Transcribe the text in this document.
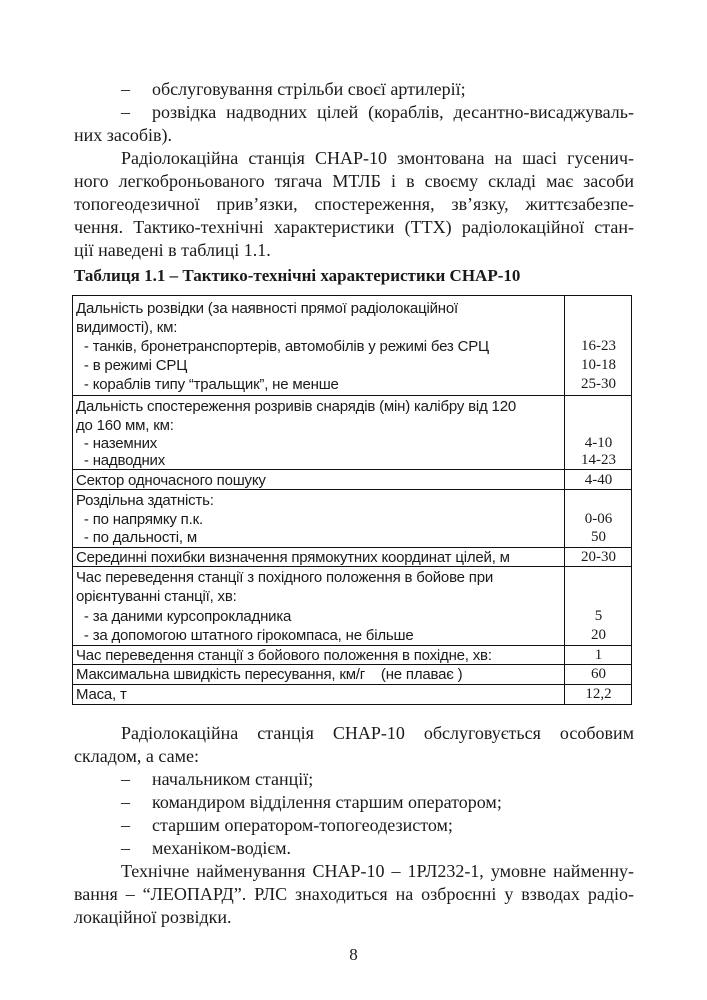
– обслуговування стрільби своєї артилерії;
– розвідка надводних цілей (кораблів, десантно-висаджуваль-
них засобів).
Радіолокаційна станція СНАР-10 змонтована на шасі гусенич-
ного легкоброньованого тягача МТЛБ і в своєму складі має засоби
топогеодезичної прив’язки, спостереження, зв’язку, життєзабезпе-
чення. Тактико-технічні характеристики (ТТХ) радіолокаційної стан-
ції наведені в таблиці 1.1.
Таблиця 1.1 – Тактико-технічні характеристики СНАР-10
Дальність розвідки (за наявності прямої радіолокаційної
видимості), км:
- танків, бронетранспортерів, автомобілів у режимі без СРЦ	16-23
- в режимі СРЦ	10-18
- кораблів типу “тральщик”, не менше	25-30
Дальність спостереження розривів снарядів (мін) калібру від 120
до 160 мм, км:
- наземних	4-10
- надводних	14-23
Сектор одночасного пошуку	4-40
Роздільна здатність:
- по напрямку п.к.	0-06
- по дальності, м	50
Серединні похибки визначення прямокутних координат цілей, м	20-30
Час переведення станції з похідного положення в бойове при
орієнтуванні станції, хв:
- за даними курсопрокладника	5
- за допомогою штатного гірокомпаса, не більше	20
Час переведення станції з бойового положення в похідне, хв:	1
Максимальна швидкість пересування, км/г    (не плаває )	60
Маса, т	12,2
Радіолокаційна станція СНАР-10 обслуговується особовим
складом, а саме:
– начальником станції;
– командиром відділення старшим оператором;
– старшим оператором-топогеодезистом;
– механіком-водієм.
Технічне найменування СНАР-10 – 1РЛ232-1, умовне найменну-
вання – “ЛЕОПАРД”. РЛС знаходиться на озброєнні у взводах радіо-
локаційної розвідки.
8
